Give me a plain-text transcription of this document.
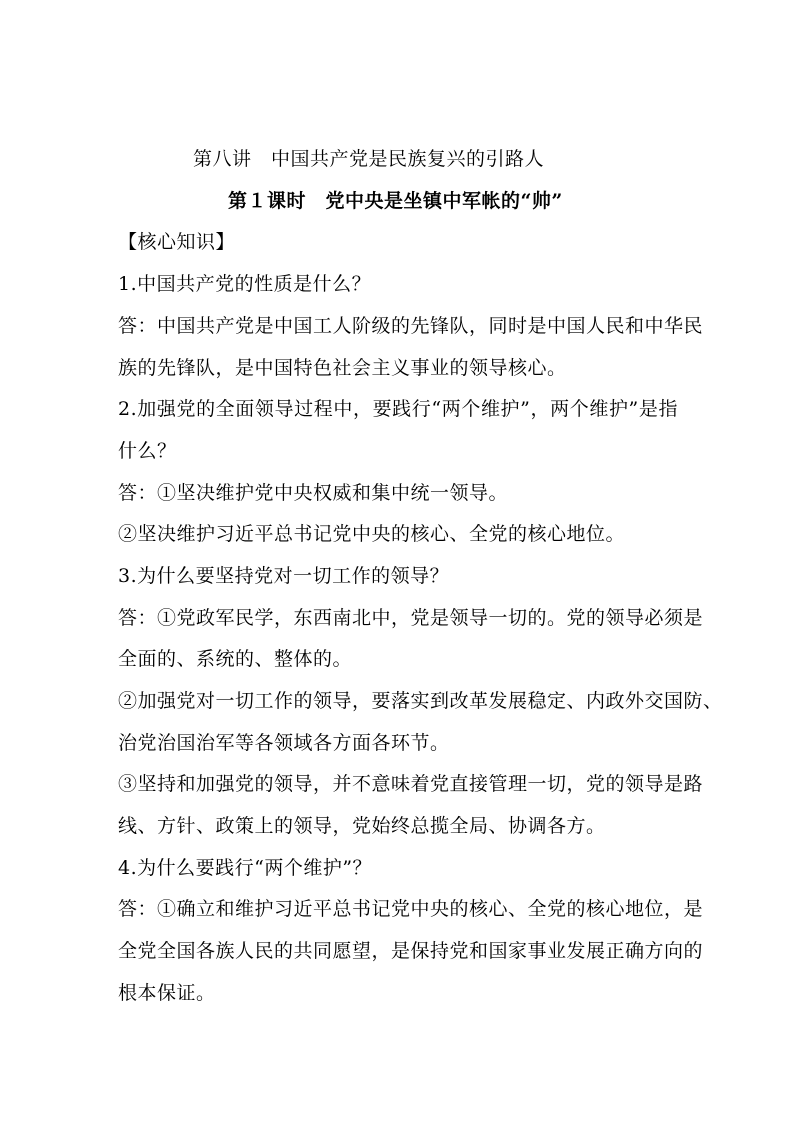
第八讲　中国共产党是民族复兴的引路人
第１课时　党中央是坐镇中军帐的“帅”
【核心知识】
1.中国共产党的性质是什么？
答：中国共产党是中国工人阶级的先锋队，同时是中国人民和中华民
族的先锋队，是中国特色社会主义事业的领导核心。
2.加强党的全面领导过程中，要践行“两个维护”，两个维护”是指
什么？
答：①坚决维护党中央权威和集中统一领导。
②坚决维护习近平总书记党中央的核心、全党的核心地位。
3.为什么要坚持党对一切工作的领导？
答：①党政军民学，东西南北中，党是领导一切的。党的领导必须是
全面的、系统的、整体的。
②加强党对一切工作的领导，要落实到改革发展稳定、内政外交国防、
治党治国治军等各领域各方面各环节。
③坚持和加强党的领导，并不意味着党直接管理一切，党的领导是路
线、方针、政策上的领导，党始终总揽全局、协调各方。
4.为什么要践行“两个维护”？
答：①确立和维护习近平总书记党中央的核心、全党的核心地位，是
全党全国各族人民的共同愿望，是保持党和国家事业发展正确方向的
根本保证。
